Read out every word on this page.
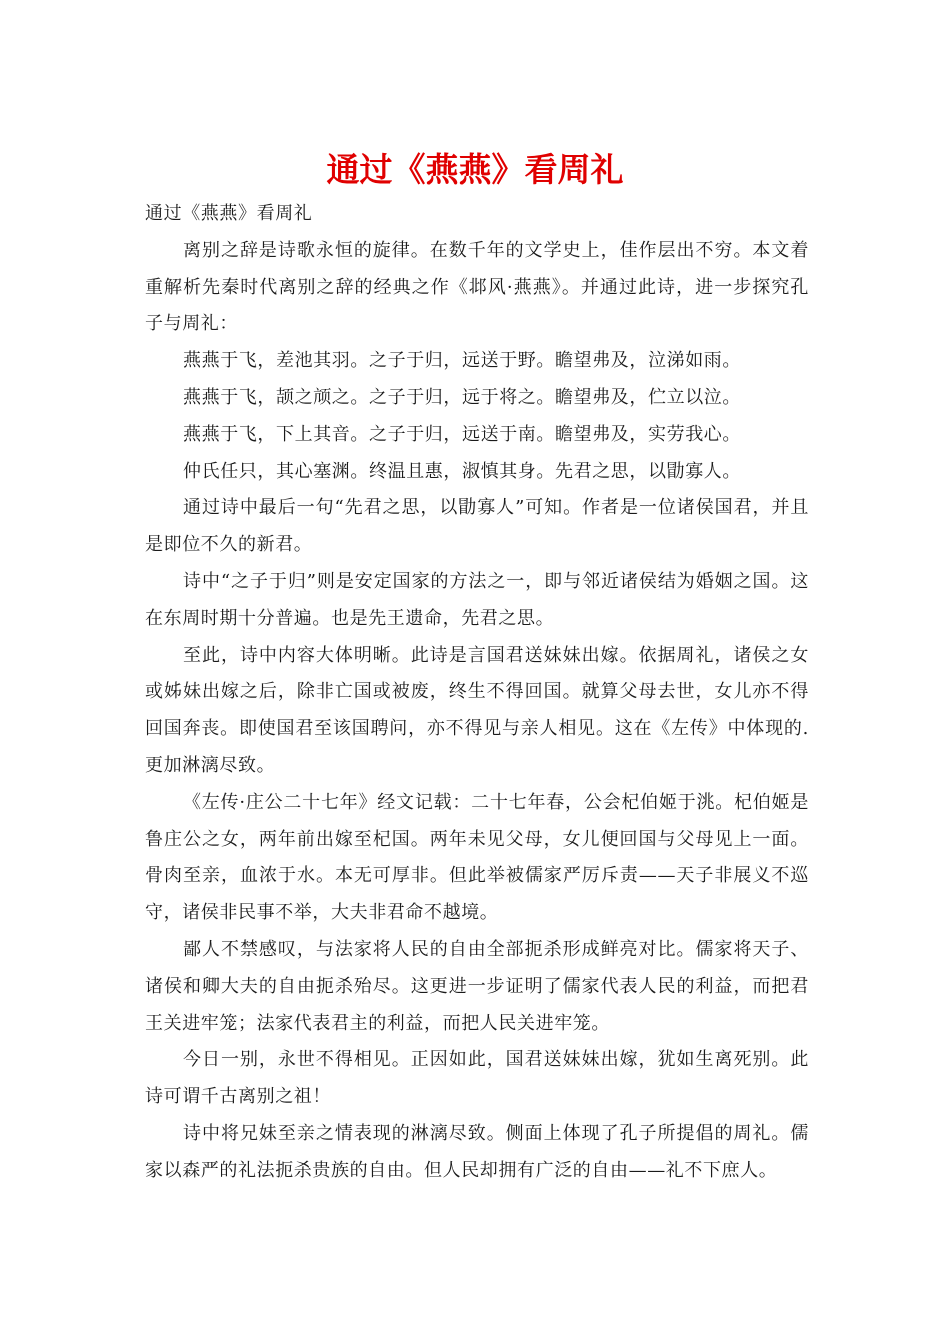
通过《燕燕》看周礼

通过《燕燕》看周礼

离别之辞是诗歌永恒的旋律。在数千年的文学史上，佳作层出不穷。本文着重解析先秦时代离别之辞的经典之作《邶风·燕燕》。并通过此诗，进一步探究孔子与周礼：

燕燕于飞，差池其羽。之子于归，远送于野。瞻望弗及，泣涕如雨。

燕燕于飞，颉之颃之。之子于归，远于将之。瞻望弗及，伫立以泣。

燕燕于飞，下上其音。之子于归，远送于南。瞻望弗及，实劳我心。

仲氏任只，其心塞渊。终温且惠，淑慎其身。先君之思，以勖寡人。

通过诗中最后一句“先君之思，以勖寡人”可知。作者是一位诸侯国君，并且是即位不久的新君。

诗中“之子于归”则是安定国家的方法之一，即与邻近诸侯结为婚姻之国。这在东周时期十分普遍。也是先王遗命，先君之思。

至此，诗中内容大体明晰。此诗是言国君送妹妹出嫁。依据周礼，诸侯之女或姊妹出嫁之后，除非亡国或被废，终生不得回国。就算父母去世，女儿亦不得回国奔丧。即使国君至该国聘问，亦不得见与亲人相见。这在《左传》中体现的.更加淋漓尽致。

《左传·庄公二十七年》经文记载：二十七年春，公会杞伯姬于洮。杞伯姬是鲁庄公之女，两年前出嫁至杞国。两年未见父母，女儿便回国与父母见上一面。骨肉至亲，血浓于水。本无可厚非。但此举被儒家严厉斥责——天子非展义不巡守，诸侯非民事不举，大夫非君命不越境。

鄙人不禁感叹，与法家将人民的自由全部扼杀形成鲜亮对比。儒家将天子、诸侯和卿大夫的自由扼杀殆尽。这更进一步证明了儒家代表人民的利益，而把君王关进牢笼；法家代表君主的利益，而把人民关进牢笼。

今日一别，永世不得相见。正因如此，国君送妹妹出嫁，犹如生离死别。此诗可谓千古离别之祖！

诗中将兄妹至亲之情表现的淋漓尽致。侧面上体现了孔子所提倡的周礼。儒家以森严的礼法扼杀贵族的自由。但人民却拥有广泛的自由——礼不下庶人。
